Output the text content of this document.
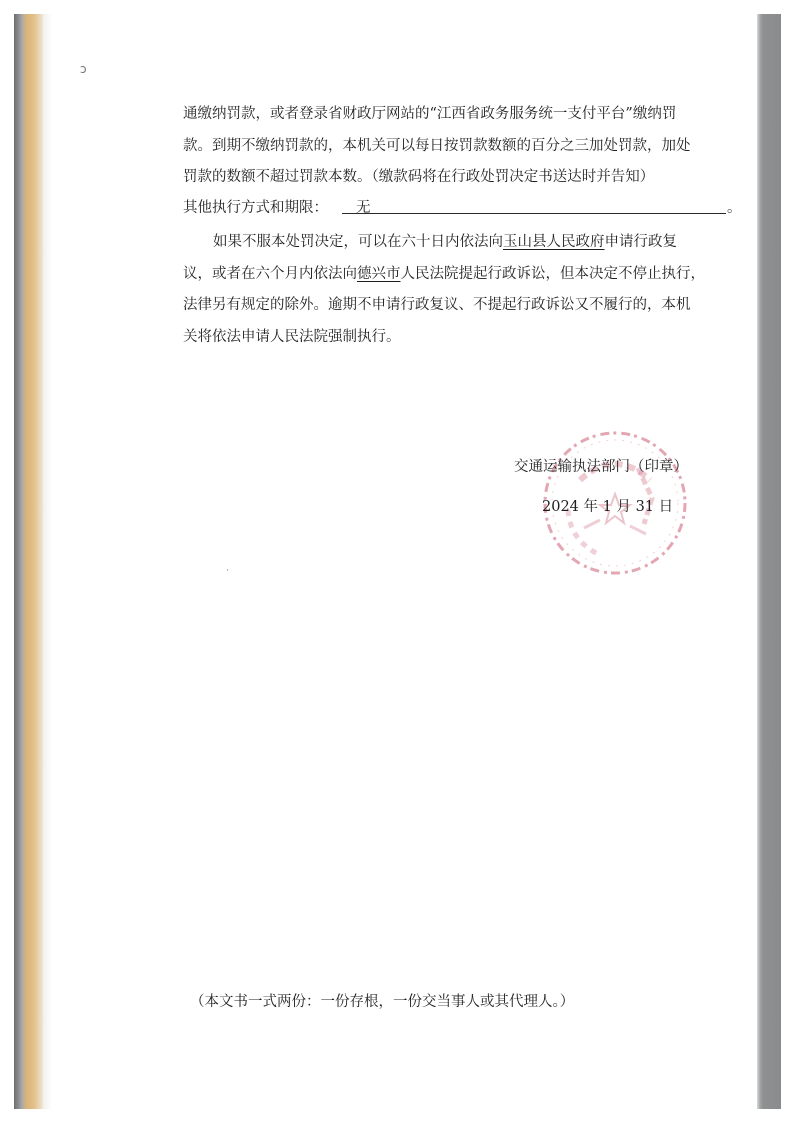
ɔ
·
通缴纳罚款，或者登录省财政厅网站的“江西省政务服务统一支付平台”缴纳罚
款。到期不缴纳罚款的，本机关可以每日按罚款数额的百分之三加处罚款，加处
罚款的数额不超过罚款本数。（缴款码将在行政处罚决定书送达时并告知）
其他执行方式和期限： 无	。
如果不服本处罚决定，可以在六十日内依法向玉山县人民政府申请行政复
议，或者在六个月内依法向德兴市人民法院提起行政诉讼，但本决定不停止执行，
法律另有规定的除外。逾期不申请行政复议、不提起行政诉讼又不履行的，本机
关将依法申请人民法院强制执行。
交通运输执法部门（印章）
2024 年 1 月 31 日
（本文书一式两份：一份存根，一份交当事人或其代理人。）
